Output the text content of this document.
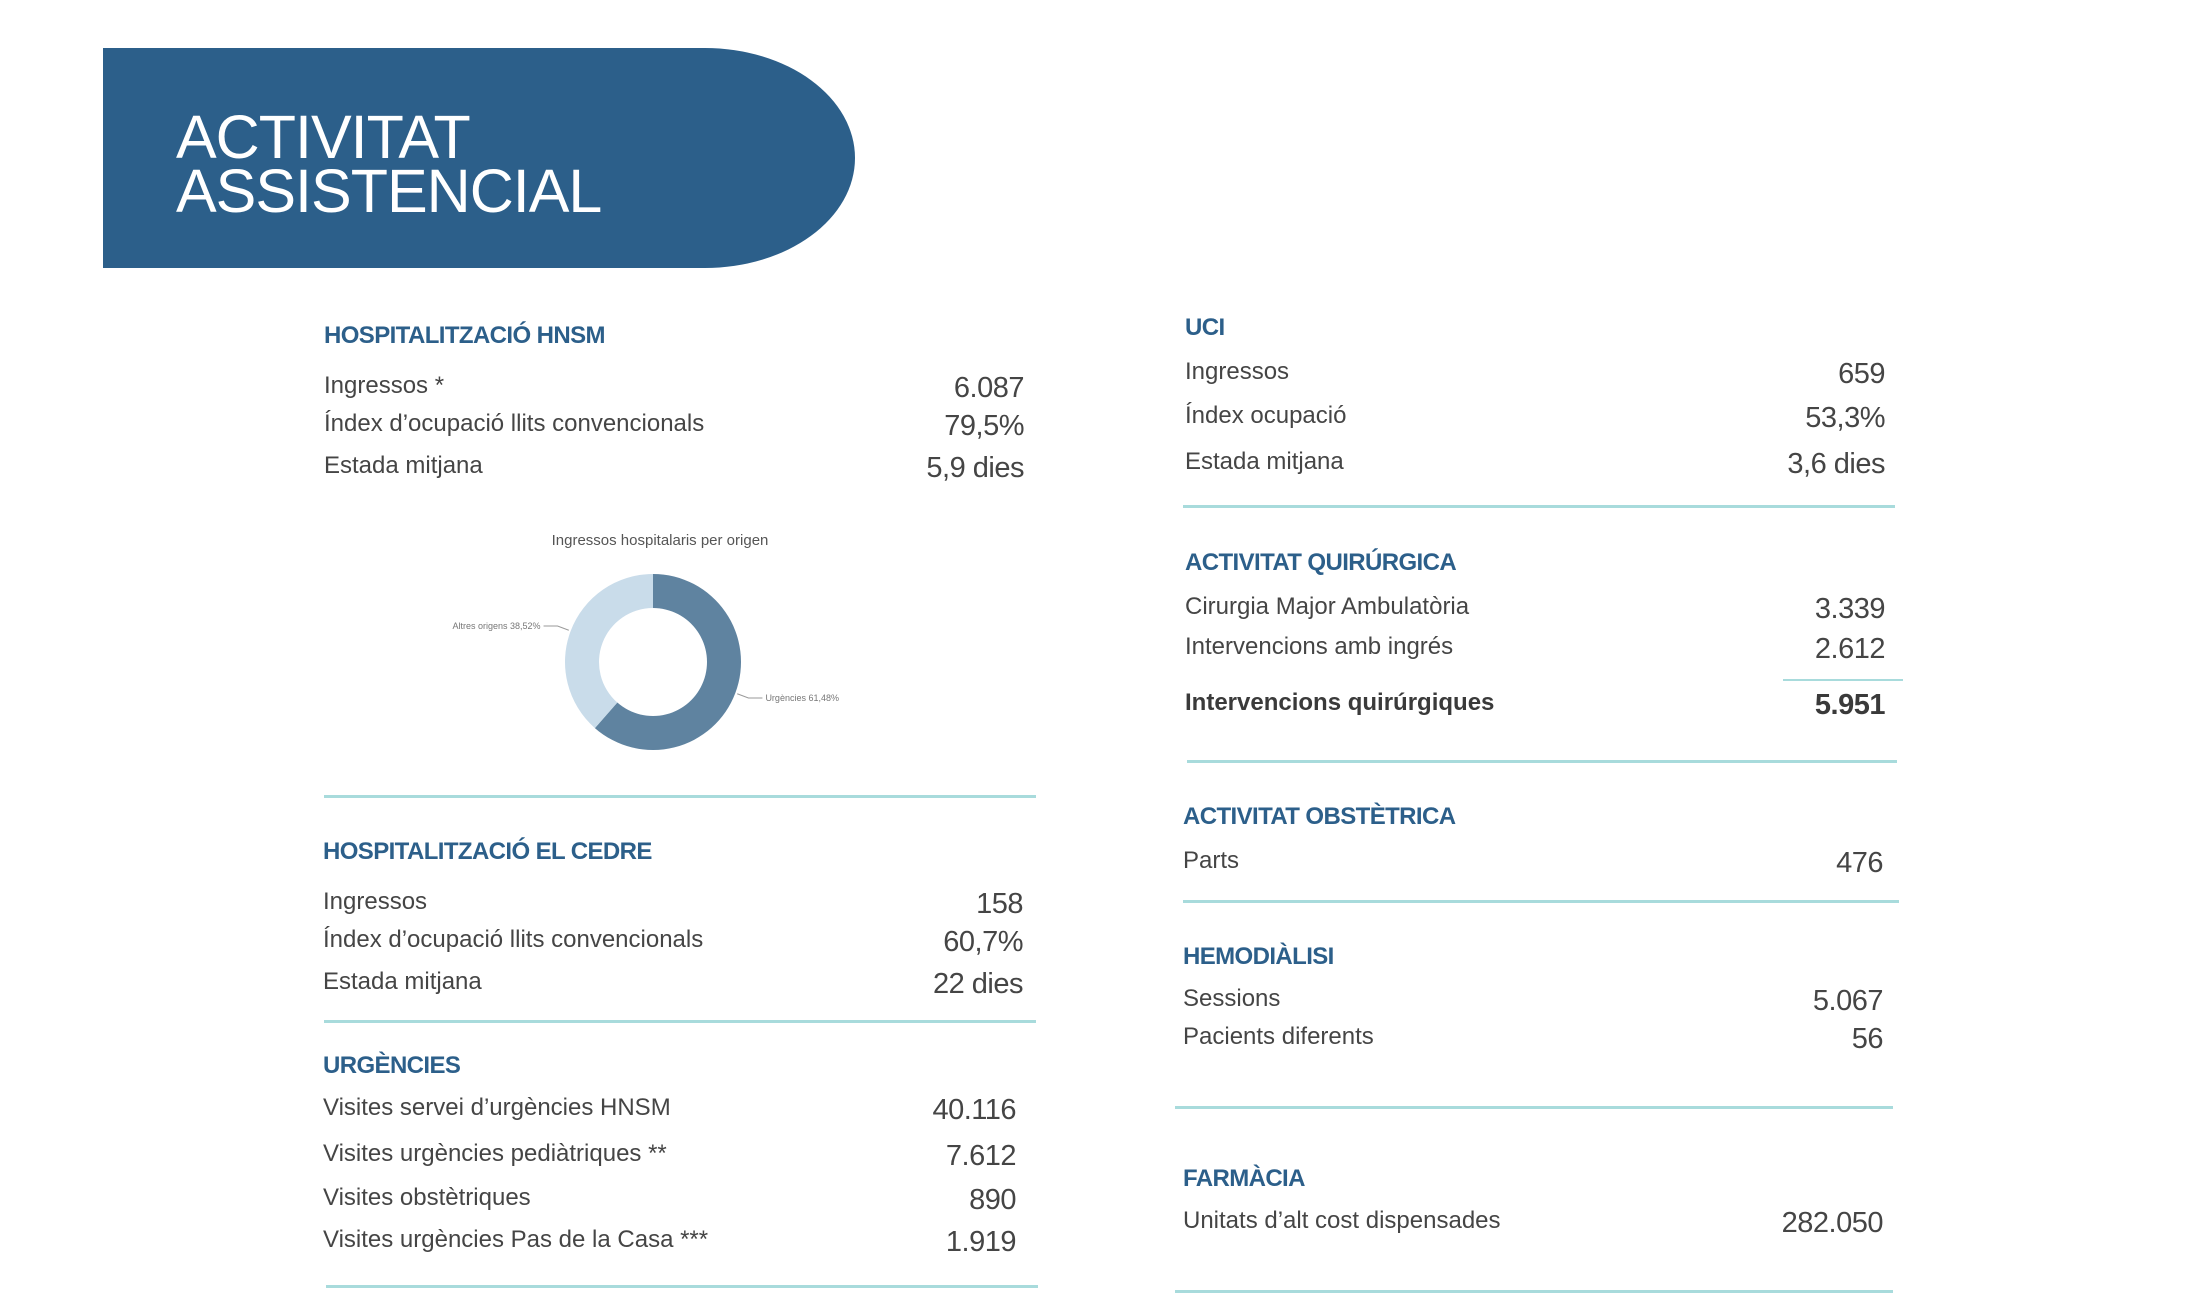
ACTIVITAT
ASSISTENCIAL
HOSPITALITZACIÓ HNSM
Ingressos *	6.087
Índex d’ocupació llits convencionals	79,5%
Estada mitjana	5,9 dies
Ingressos hospitalaris per origen
Urgències 61,48%
Altres origens 38,52%
HOSPITALITZACIÓ EL CEDRE
Ingressos	158
Índex d’ocupació llits convencionals	60,7%
Estada mitjana	22 dies
URGÈNCIES
Visites servei d’urgències HNSM	40.116
Visites urgències pediàtriques **	7.612
Visites obstètriques	890
Visites urgències Pas de la Casa ***	1.919
UCI
Ingressos	659
Índex ocupació	53,3%
Estada mitjana	3,6 dies
ACTIVITAT QUIRÚRGICA
Cirurgia Major Ambulatòria	3.339
Intervencions amb ingrés	2.612
Intervencions quirúrgiques	5.951
ACTIVITAT OBSTÈTRICA
Parts	476
HEMODIÀLISI
Sessions	5.067
Pacients diferents	56
FARMÀCIA
Unitats d’alt cost dispensades	282.050
